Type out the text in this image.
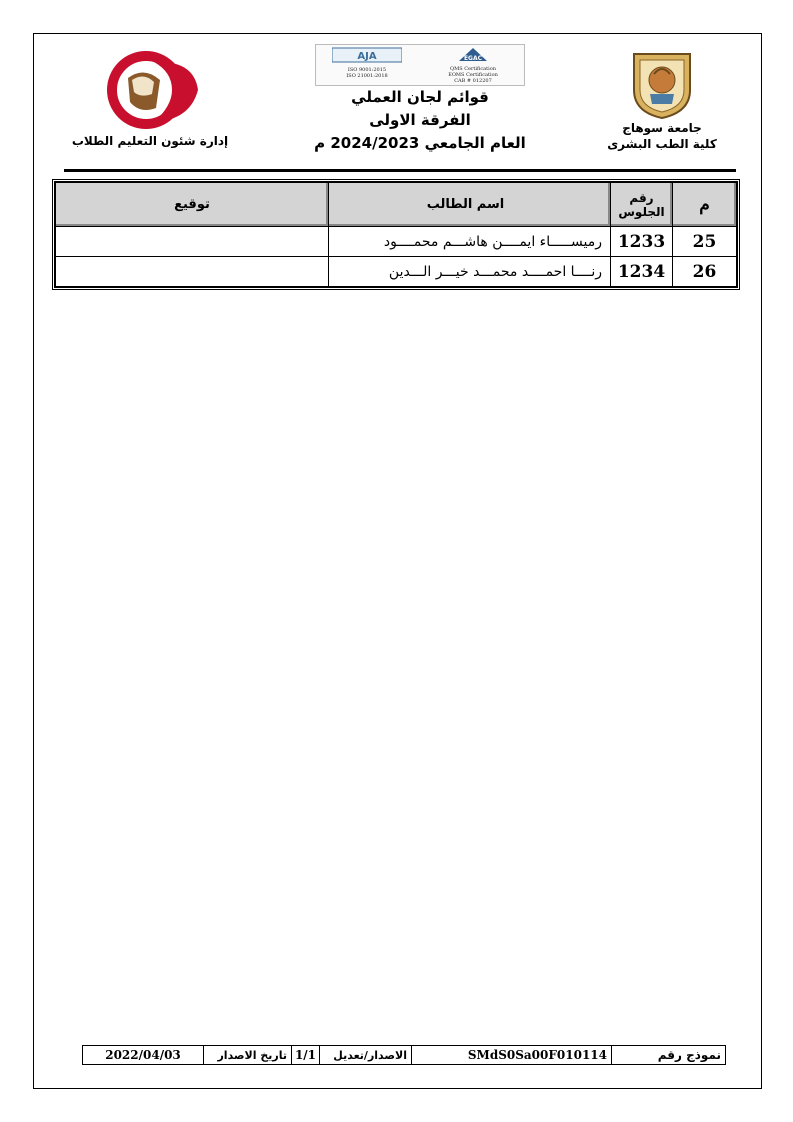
جامعة سوهاج
كلية الطب البشرى
AJA
ISO 9001:2015
ISO 21001:2018
EGAC
QMS Certification
EOMS Certification
CAB # 012207
قوائم لجان العملي
الفرقة الاولى
العام الجامعي 2024/2023 م
إدارة شئون التعليم الطلاب
م	رقم الجلوس	اسم الطالب	توقيع
25	1233	رميســـــاء ايمــــن هاشـــم محمــــود	
26	1234	رنــــا احمــــد محمـــد خيـــر الـــدين	
نموذج رقم
SMdS0Sa00F010114
الاصدار/تعديل
1/1
تاريخ الاصدار
2022/04/03
